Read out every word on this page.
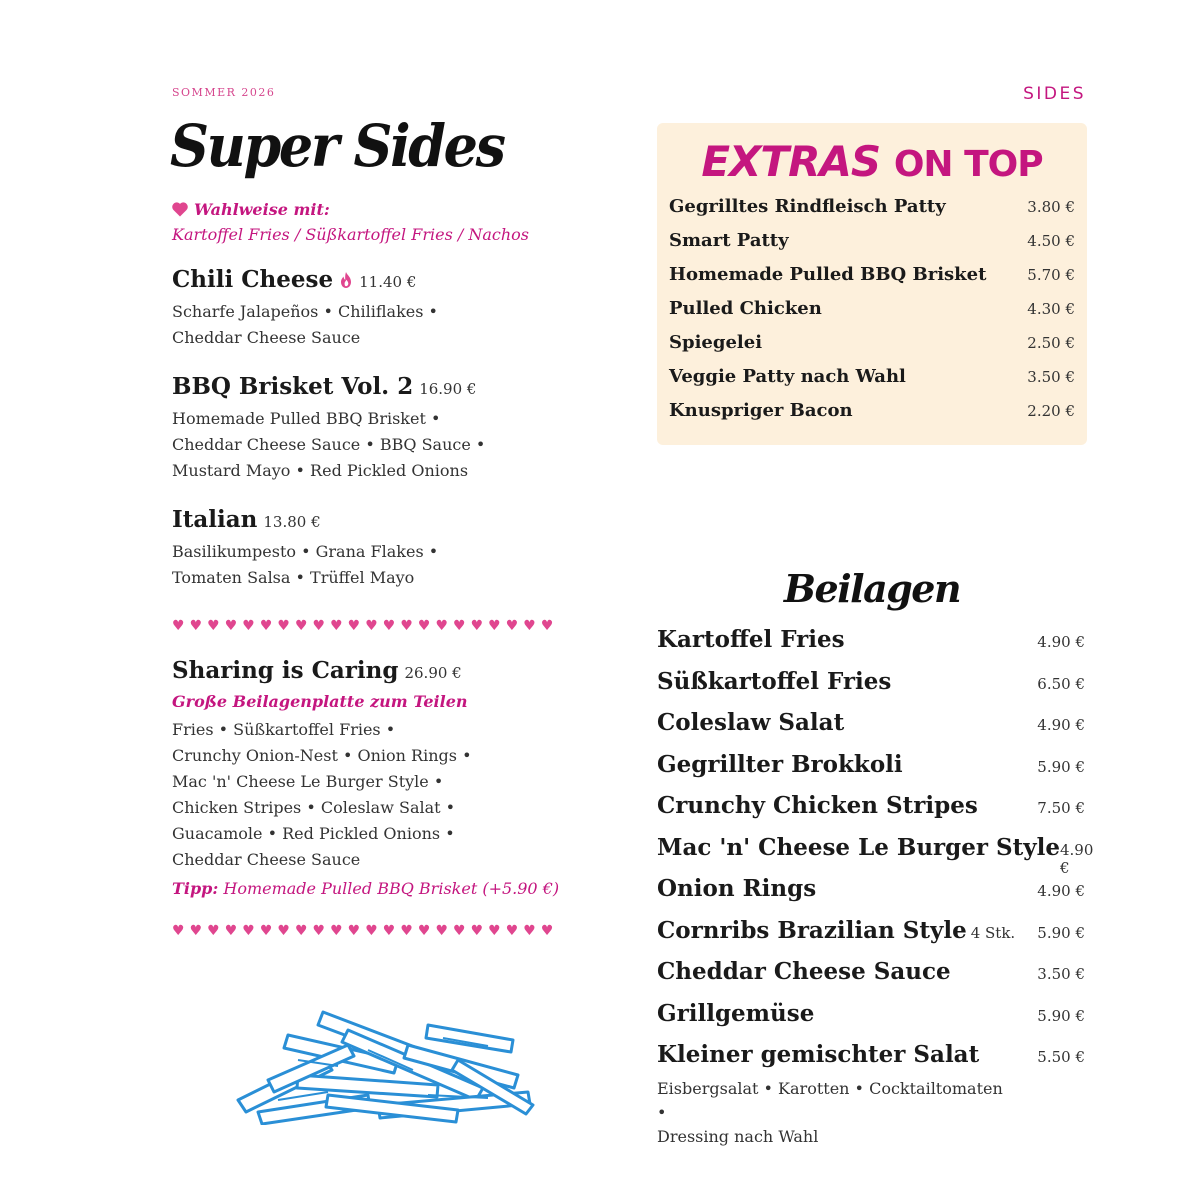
SOMMER 2026	SIDES
Super Sides
Wahlweise mit:
Kartoffel Fries / Süßkartoffel Fries / Nachos
Chili Cheese 11.40 €
Scharfe Jalapeños • Chiliflakes •
Cheddar Cheese Sauce
BBQ Brisket Vol. 2 16.90 €
Homemade Pulled BBQ Brisket •
Cheddar Cheese Sauce • BBQ Sauce •
Mustard Mayo • Red Pickled Onions
Italian 13.80 €
Basilikumpesto • Grana Flakes •
Tomaten Salsa • Trüffel Mayo
♥ ♥ ♥ ♥ ♥ ♥ ♥ ♥ ♥ ♥ ♥ ♥ ♥ ♥ ♥ ♥ ♥ ♥ ♥ ♥ ♥ ♥
Sharing is Caring 26.90 €
Große Beilagenplatte zum Teilen
Fries • Süßkartoffel Fries •
Crunchy Onion-Nest • Onion Rings •
Mac 'n' Cheese Le Burger Style •
Chicken Stripes • Coleslaw Salat •
Guacamole • Red Pickled Onions •
Cheddar Cheese Sauce
Tipp: Homemade Pulled BBQ Brisket (+5.90 €)
♥ ♥ ♥ ♥ ♥ ♥ ♥ ♥ ♥ ♥ ♥ ♥ ♥ ♥ ♥ ♥ ♥ ♥ ♥ ♥ ♥ ♥
EXTRAS ON TOP
Gegrilltes Rindfleisch Patty	3.80 €
Smart Patty	4.50 €
Homemade Pulled BBQ Brisket	5.70 €
Pulled Chicken	4.30 €
Spiegelei	2.50 €
Veggie Patty nach Wahl	3.50 €
Knuspriger Bacon	2.20 €
Beilagen
Kartoffel Fries	4.90 €
Süßkartoffel Fries	6.50 €
Coleslaw Salat	4.90 €
Gegrillter Brokkoli	5.90 €
Crunchy Chicken Stripes	7.50 €
Mac 'n' Cheese Le Burger Style 4.90 €
Onion Rings	4.90 €
Cornribs Brazilian Style 4 Stk. 5.90 €
Cheddar Cheese Sauce	3.50 €
Grillgemüse	5.90 €
Kleiner gemischter Salat	5.50 €
Eisbergsalat • Karotten • Cocktailtomaten •
Dressing nach Wahl
